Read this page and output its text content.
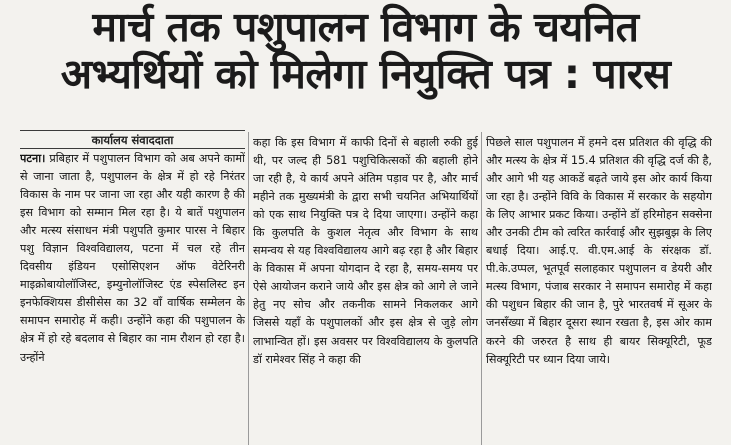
मार्च तक पशुपालन विभाग के चयनित
अभ्यर्थियों को मिलेगा नियुक्ति पत्र : पारस
कार्यालय संवाददाता

पटना। प्रबिहार में पशुपालन विभाग को अब अपने कामों से जाना जाता है, पशुपालन के क्षेत्र में हो रहे निरंतर विकास के नाम पर जाना जा रहा और यही कारण है की इस विभाग को सम्मान मिल रहा है। ये बातें पशुपालन और मत्स्य संसाधन मंत्री पशुपति कुमार पारस ने बिहार पशु विज्ञान विश्वविद्यालय, पटना में चल रहे तीन दिवसीय इंडियन एसोसिएशन ऑफ वेटेरिनरी माइक्रोबायोलॉजिस्ट, इम्युनोलॉजिस्ट एंड स्पेसलिस्ट इन इनफेक्शियस डीसीसेस का 32 वाँ वार्षिक सम्मेलन के समापन समारोह में कही। उन्होंने कहा की पशुपालन के क्षेत्र में हो रहे बदलाव से बिहार का नाम रौशन हो रहा है। उन्होंने

कहा कि इस विभाग में काफी दिनों से बहाली रुकी हुई थी, पर जल्द ही 581 पशुचिकित्सकों की बहाली होने जा रही है, ये कार्य अपने अंतिम पड़ाव पर है, और मार्च महीने तक मुख्यमंत्री के द्वारा सभी चयनित अभियार्थियों को एक साथ नियुक्ति पत्र दे दिया जाएगा। उन्होंने कहा कि कुलपति के कुशल नेतृत्व और विभाग के साथ समन्वय से यह विश्वविद्यालय आगे बढ़ रहा है और बिहार के विकास में अपना योगदान दे रहा है, समय-समय पर ऐसे आयोजन कराने जाये और इस क्षेत्र को आगे ले जाने हेतु नए सोच और तकनीक सामने निकलकर आगे जिससे यहाँ के पशुपालकों और इस क्षेत्र से जुड़े लोग लाभान्वित हों। इस अवसर पर विश्वविद्यालय के कुलपति डॉ रामेश्वर सिंह ने कहा की

पिछले साल पशुपालन में हमने दस प्रतिशत की वृद्धि की और मत्स्य के क्षेत्र में 15.4 प्रतिशत की वृद्धि दर्ज की है, और आगे भी यह आकडें बढ़ते जाये इस ओर कार्य किया जा रहा है। उन्होंने विवि के विकास में सरकार के सहयोग के लिए आभार प्रकट किया। उन्होंने डॉ हरिमोहन सक्सेना और उनकी टीम को त्वरित कार्रवाई और सुझबुझ के लिए बधाई दिया। आई.ए. वी.एम.आई के संरक्षक डॉ. पी.के.उप्पल, भूतपूर्व सलाहकार पशुपालन व डेयरी और मत्स्य विभाग, पंजाब सरकार ने समापन समारोह में कहा की पशुधन बिहार की जान है, पुरे भारतवर्ष में सूअर के जनसँख्या में बिहार दूसरा स्थान रखता है, इस ओर काम करने की जरुरत है साथ ही बायर सिक्यूरिटी, फूड सिक्यूरिटी पर ध्यान दिया जाये।
